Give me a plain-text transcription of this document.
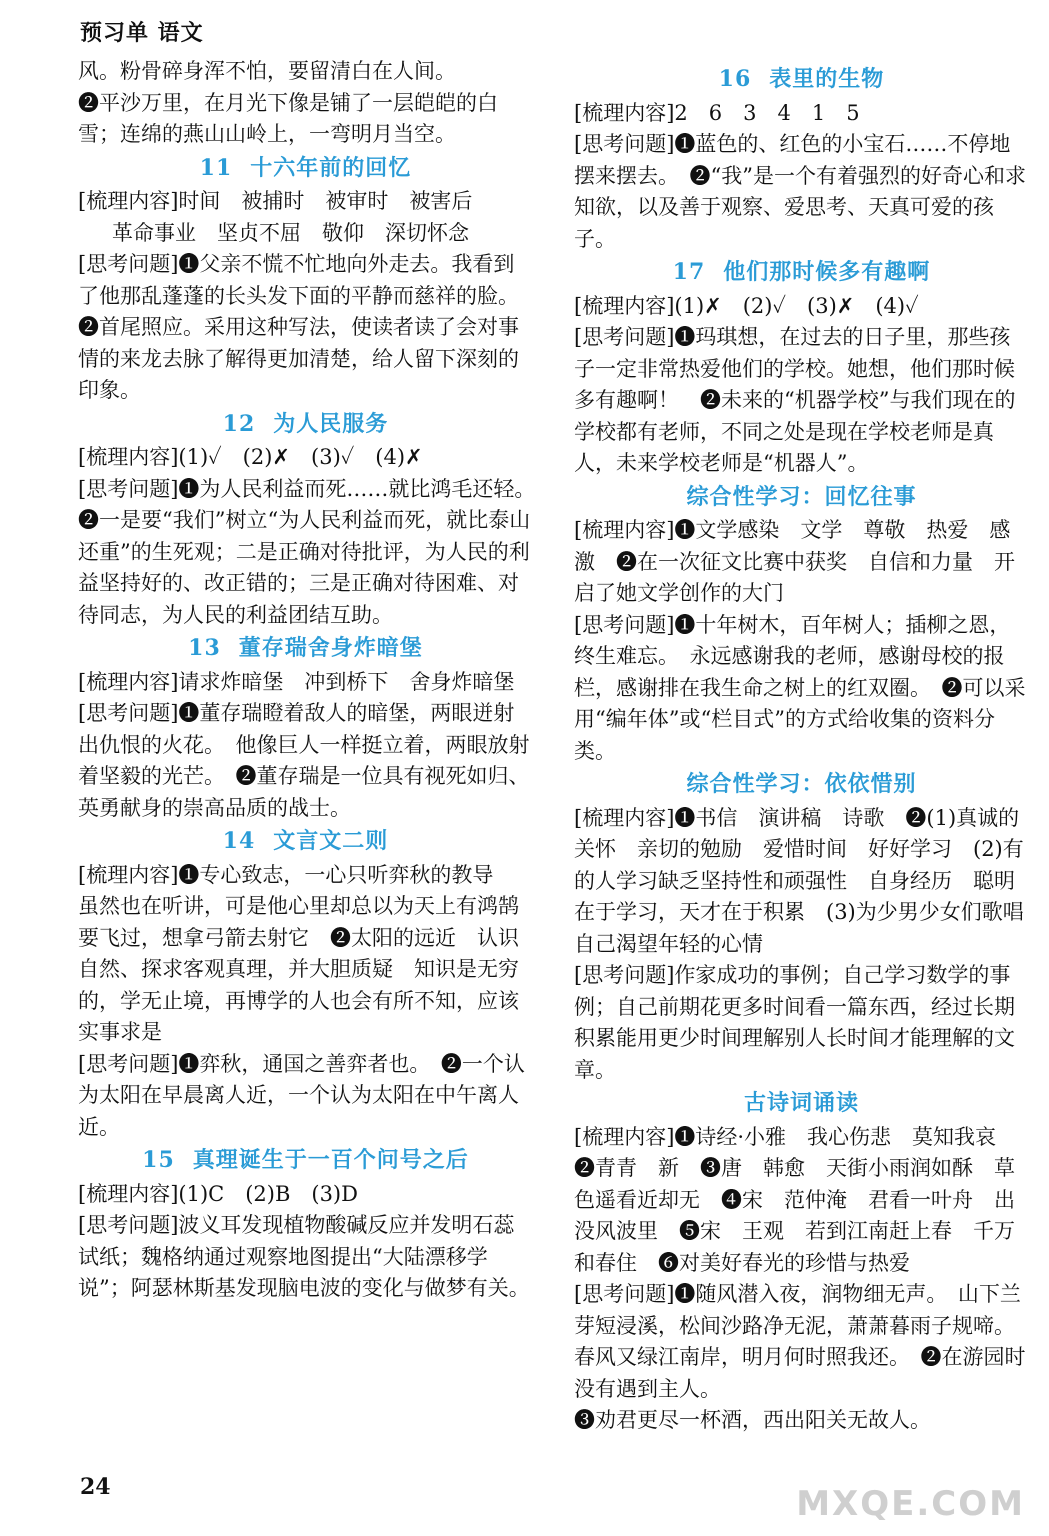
预习单 语文
风。粉骨碎身浑不怕，要留清白在人间。
❷平沙万里，在月光下像是铺了一层皑皑的白雪；连绵的燕山山岭上，一弯明月当空。
11 十六年前的回忆
[梳理内容]时间　被捕时　被审时　被害后
革命事业　坚贞不屈　敬仰　深切怀念
[思考问题]❶父亲不慌不忙地向外走去。我看到了他那乱蓬蓬的长头发下面的平静而慈祥的脸。　❷首尾照应。采用这种写法，使读者读了会对事情的来龙去脉了解得更加清楚，给人留下深刻的印象。
12 为人民服务
[梳理内容](1)✓　(2)✗　(3)✓　(4)✗
[思考问题]❶为人民利益而死……就比鸿毛还轻。　❷一是要“我们”树立“为人民利益而死，就比泰山还重”的生死观；二是正确对待批评，为人民的利益坚持好的、改正错的；三是正确对待困难、对待同志，为人民的利益团结互助。
13 董存瑞舍身炸暗堡
[梳理内容]请求炸暗堡　冲到桥下　舍身炸暗堡
[思考问题]❶董存瑞瞪着敌人的暗堡，两眼迸射出仇恨的火花。　他像巨人一样挺立着，两眼放射着坚毅的光芒。　❷董存瑞是一位具有视死如归、英勇献身的崇高品质的战士。
14 文言文二则
[梳理内容]❶专心致志，一心只听弈秋的教导　虽然也在听讲，可是他心里却总以为天上有鸿鹄要飞过，想拿弓箭去射它　❷太阳的远近　认识自然、探求客观真理，并大胆质疑　知识是无穷的，学无止境，再博学的人也会有所不知，应该实事求是
[思考问题]❶弈秋，通国之善弈者也。　❷一个认为太阳在早晨离人近，一个认为太阳在中午离人近。
15 真理诞生于一百个问号之后
[梳理内容](1)C　(2)B　(3)D
[思考问题]波义耳发现植物酸碱反应并发明石蕊试纸；魏格纳通过观察地图提出“大陆漂移学说”；阿瑟林斯基发现脑电波的变化与做梦有关。
16 表里的生物
[梳理内容]2　6　3　4　1　5
[思考问题]❶蓝色的、红色的小宝石……不停地摆来摆去。　❷“我”是一个有着强烈的好奇心和求知欲，以及善于观察、爱思考、天真可爱的孩子。
17 他们那时候多有趣啊
[梳理内容](1)✗　(2)✓　(3)✗　(4)✓
[思考问题]❶玛琪想，在过去的日子里，那些孩子一定非常热爱他们的学校。她想，他们那时候多有趣啊！　❷未来的“机器学校”与我们现在的学校都有老师，不同之处是现在学校老师是真人，未来学校老师是“机器人”。
综合性学习：回忆往事
[梳理内容]❶文学感染　文学　尊敬　热爱　感激　❷在一次征文比赛中获奖　自信和力量　开启了她文学创作的大门
[思考问题]❶十年树木，百年树人；插柳之恩，终生难忘。　永远感谢我的老师，感谢母校的报栏，感谢排在我生命之树上的红双圈。　❷可以采用“编年体”或“栏目式”的方式给收集的资料分类。
综合性学习：依依惜别
[梳理内容]❶书信　演讲稿　诗歌　❷(1)真诚的关怀　亲切的勉励　爱惜时间　好好学习　(2)有的人学习缺乏坚持性和顽强性　自身经历　聪明在于学习，天才在于积累　(3)为少男少女们歌唱　自己渴望年轻的心情
[思考问题]作家成功的事例；自己学习数学的事例；自己前期花更多时间看一篇东西，经过长期积累能用更少时间理解别人长时间才能理解的文章。
古诗词诵读
[梳理内容]❶诗经·小雅　我心伤悲　莫知我哀　❷青青　新　❸唐　韩愈　天街小雨润如酥　草色遥看近却无　❹宋　范仲淹　君看一叶舟　出没风波里　❺宋　王观　若到江南赶上春　千万和春住　❻对美好春光的珍惜与热爱
[思考问题]❶随风潜入夜，润物细无声。　山下兰芽短浸溪，松间沙路净无泥，萧萧暮雨子规啼。　春风又绿江南岸，明月何时照我还。　❷在游园时没有遇到主人。
❸劝君更尽一杯酒，西出阳关无故人。
24	MXQE.COM
